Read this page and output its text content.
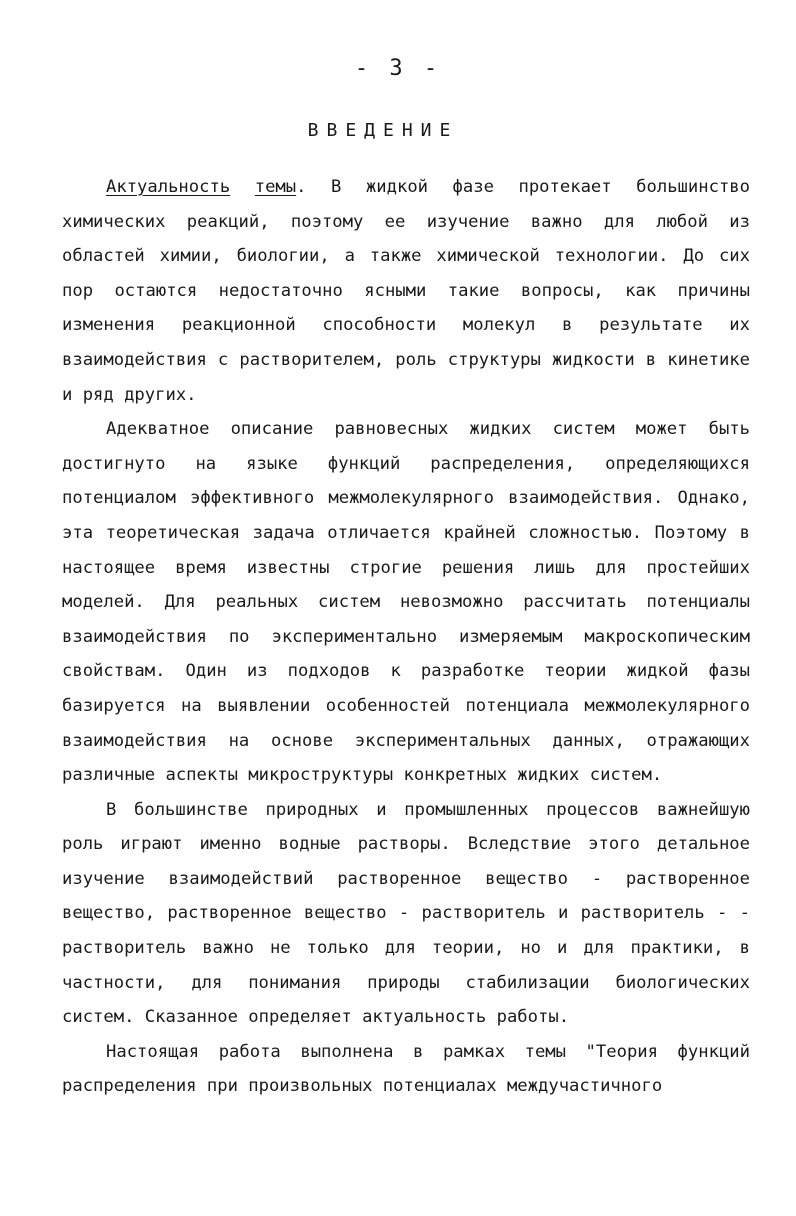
- 3 -
ВВЕДЕНИЕ

Актуальность темы. В жидкой фазе протекает большинство химических реакций, поэтому ее изучение важно для любой из областей химии, биологии, а также химической технологии. До сих пор остаются недостаточно ясными такие вопросы, как причины изменения реакционной способности молекул в результате их взаимодействия с растворителем, роль структуры жидкости в кинетике и ряд других.

Адекватное описание равновесных жидких систем может быть достигнуто на языке функций распределения, определяющихся потенциалом эффективного межмолекулярного взаимодействия. Однако, эта теоретическая задача отличается крайней сложностью. Поэтому в настоящее время известны строгие решения лишь для простейших моделей. Для реальных систем невозможно рассчитать потенциалы взаимодействия по экспериментально измеряемым макроскопическим свойствам. Один из подходов к разработке теории жидкой фазы базируется на выявлении особенностей потенциала межмолекулярного взаимодействия на основе экспериментальных данных, отражающих различные аспекты микроструктуры конкретных жидких систем.

В большинстве природных и промышленных процессов важнейшую роль играют именно водные растворы. Вследствие этого детальное изучение взаимодействий растворенное вещество - растворенное вещество, растворенное вещество - растворитель и растворитель - - растворитель важно не только для теории, но и для практики, в частности, для понимания природы стабилизации биологических систем. Сказанное определяет актуальность работы.

Настоящая работа выполнена в рамках темы "Теория функций распределения при произвольных потенциалах междучастичного
